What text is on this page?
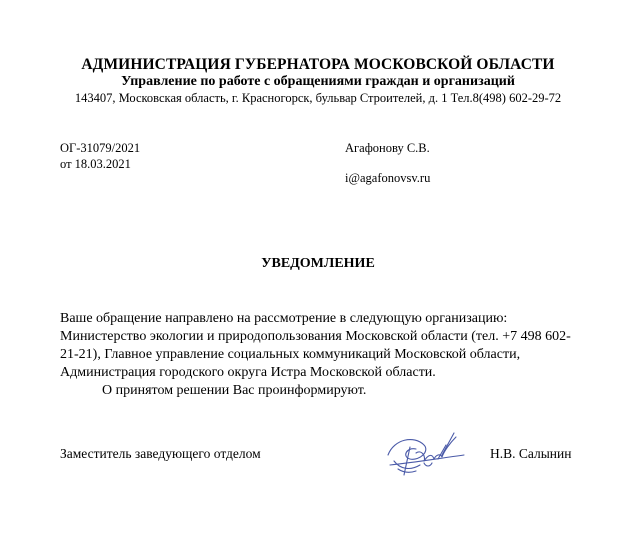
АДМИНИСТРАЦИЯ ГУБЕРНАТОРА МОСКОВСКОЙ ОБЛАСТИ
Управление по работе с обращениями граждан и организаций
143407, Московская область, г. Красногорск, бульвар Строителей, д. 1 Тел.8(498) 602-29-72
ОГ-31079/2021
от 18.03.2021
Агафонову С.В.
i@agafonovsv.ru
УВЕДОМЛЕНИЕ

Ваше обращение направлено на рассмотрение в следующую организацию: Министерство экологии и природопользования Московской области (тел. +7 498 602-21-21), Главное управление социальных коммуникаций Московской области, Администрация городского округа Истра Московской области.

О принятом решении Вас проинформируют.

Заместитель заведующего отделом	Н.В. Салынин
